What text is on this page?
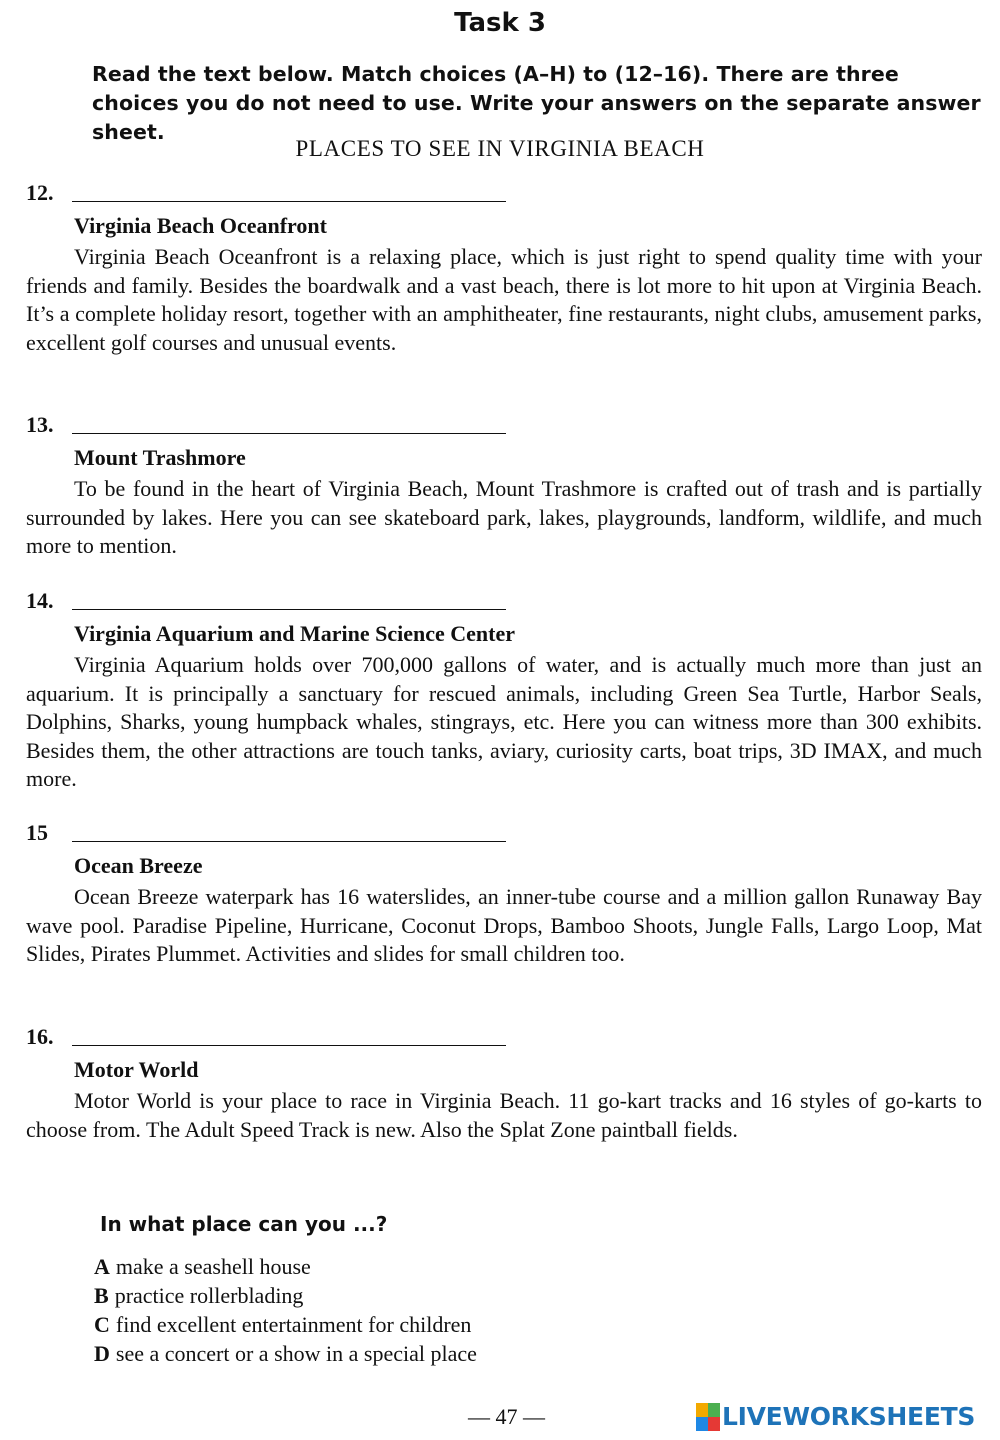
Task 3
Read the text below. Match choices (A–H) to (12–16). There are three choices you do not need to use. Write your answers on the separate answer sheet.
PLACES TO SEE IN VIRGINIA BEACH
12.
Virginia Beach Oceanfront
Virginia Beach Oceanfront is a relaxing place, which is just right to spend quality time with your friends and family. Besides the boardwalk and a vast beach, there is lot more to hit upon at Virginia Beach. It’s a complete holiday resort, together with an amphitheater, fine restaurants, night clubs, amusement parks, excellent golf courses and unusual events.
13.
Mount Trashmore
To be found in the heart of Virginia Beach, Mount Trashmore is crafted out of trash and is partially surrounded by lakes. Here you can see skateboard park, lakes, playgrounds, landform, wildlife, and much more to mention.
14.
Virginia Aquarium and Marine Science Center
Virginia Aquarium holds over 700,000 gallons of water, and is actually much more than just an aquarium. It is principally a sanctuary for rescued animals, including Green Sea Turtle, Harbor Seals, Dolphins, Sharks, young humpback whales, stingrays, etc. Here you can witness more than 300 exhibits. Besides them, the other attractions are touch tanks, aviary, curiosity carts, boat trips, 3D IMAX, and much more.
15
Ocean Breeze
Ocean Breeze waterpark has 16 waterslides, an inner-tube course and a million gallon Runaway Bay wave pool. Paradise Pipeline, Hurricane, Coconut Drops, Bamboo Shoots, Jungle Falls, Largo Loop, Mat Slides, Pirates Plummet. Activities and slides for small children too.
16.
Motor World
Motor World is your place to race in Virginia Beach. 11 go-kart tracks and 16 styles of go-karts to choose from. The Adult Speed Track is new. Also the Splat Zone paintball fields.
In what place can you ...?
A make a seashell house
B practice rollerblading
C find excellent entertainment for children
D see a concert or a show in a special place
— 47 —	LIVEWORKSHEETS
